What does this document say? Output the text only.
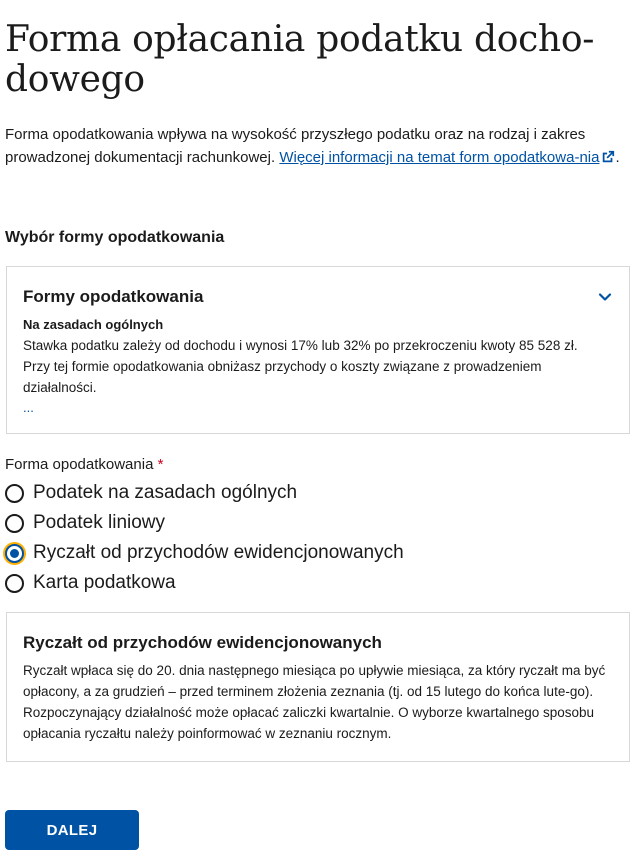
Forma opłacania podatku docho-dowego

Forma opodatkowania wpływa na wysokość przyszłego podatku oraz na rodzaj i zakres prowadzonej dokumentacji rachunkowej. Więcej informacji na temat form opodatkowa-nia .

Wybór formy opodatkowania
Formy opodatkowania

Na zasadach ogólnych

Stawka podatku zależy od dochodu i wynosi 17% lub 32% po przekroczeniu kwoty 85 528 zł. Przy tej formie opodatkowania obniżasz przychody o koszty związane z prowadzeniem działalności.

...
Forma opodatkowania *
Podatek na zasadach ogólnych
Podatek liniowy
Ryczałt od przychodów ewidencjonowanych
Karta podatkowa
Ryczałt od przychodów ewidencjonowanych

Ryczałt wpłaca się do 20. dnia następnego miesiąca po upływie miesiąca, za który ryczałt ma być opłacony, a za grudzień – przed terminem złożenia zeznania (tj. od 15 lutego do końca lute-go). Rozpoczynający działalność może opłacać zaliczki kwartalnie. O wyborze kwartalnego sposobu opłacania ryczałtu należy poinformować w zeznaniu rocznym.

DALEJ
